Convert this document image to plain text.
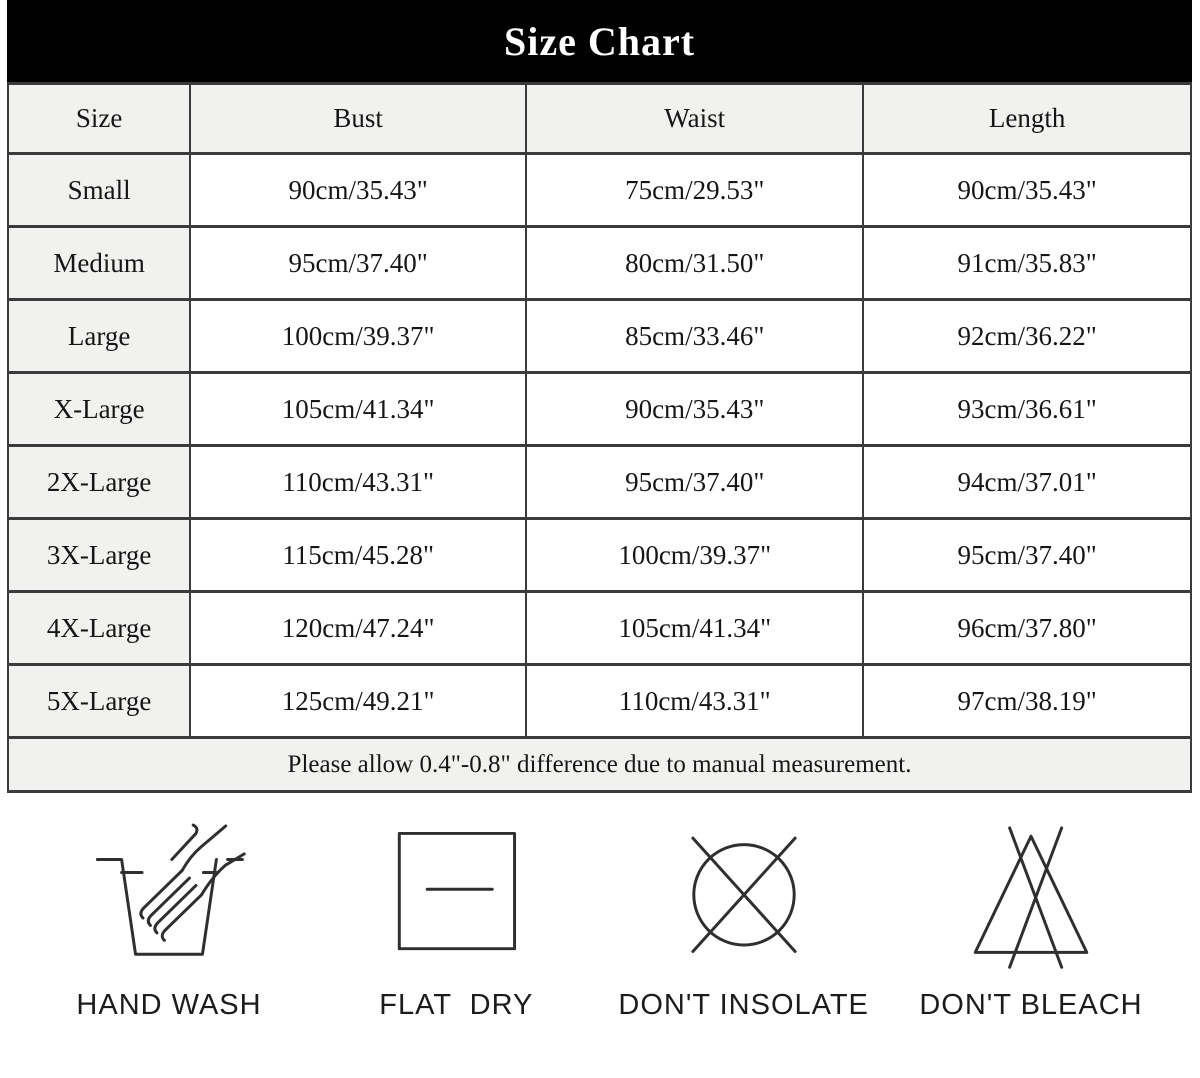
Size Chart
Size	Bust	Waist	Length
Small	90cm/35.43"	75cm/29.53"	90cm/35.43"
Medium	95cm/37.40"	80cm/31.50"	91cm/35.83"
Large	100cm/39.37"	85cm/33.46"	92cm/36.22"
X-Large	105cm/41.34"	90cm/35.43"	93cm/36.61"
2X-Large	110cm/43.31"	95cm/37.40"	94cm/37.01"
3X-Large	115cm/45.28"	100cm/39.37"	95cm/37.40"
4X-Large	120cm/47.24"	105cm/41.34"	96cm/37.80"
5X-Large	125cm/49.21"	110cm/43.31"	97cm/38.19"
Please allow 0.4"-0.8" difference due to manual measurement.			
HAND WASH	FLAT  DRY	DON'T INSOLATE DON'T BLEACH
